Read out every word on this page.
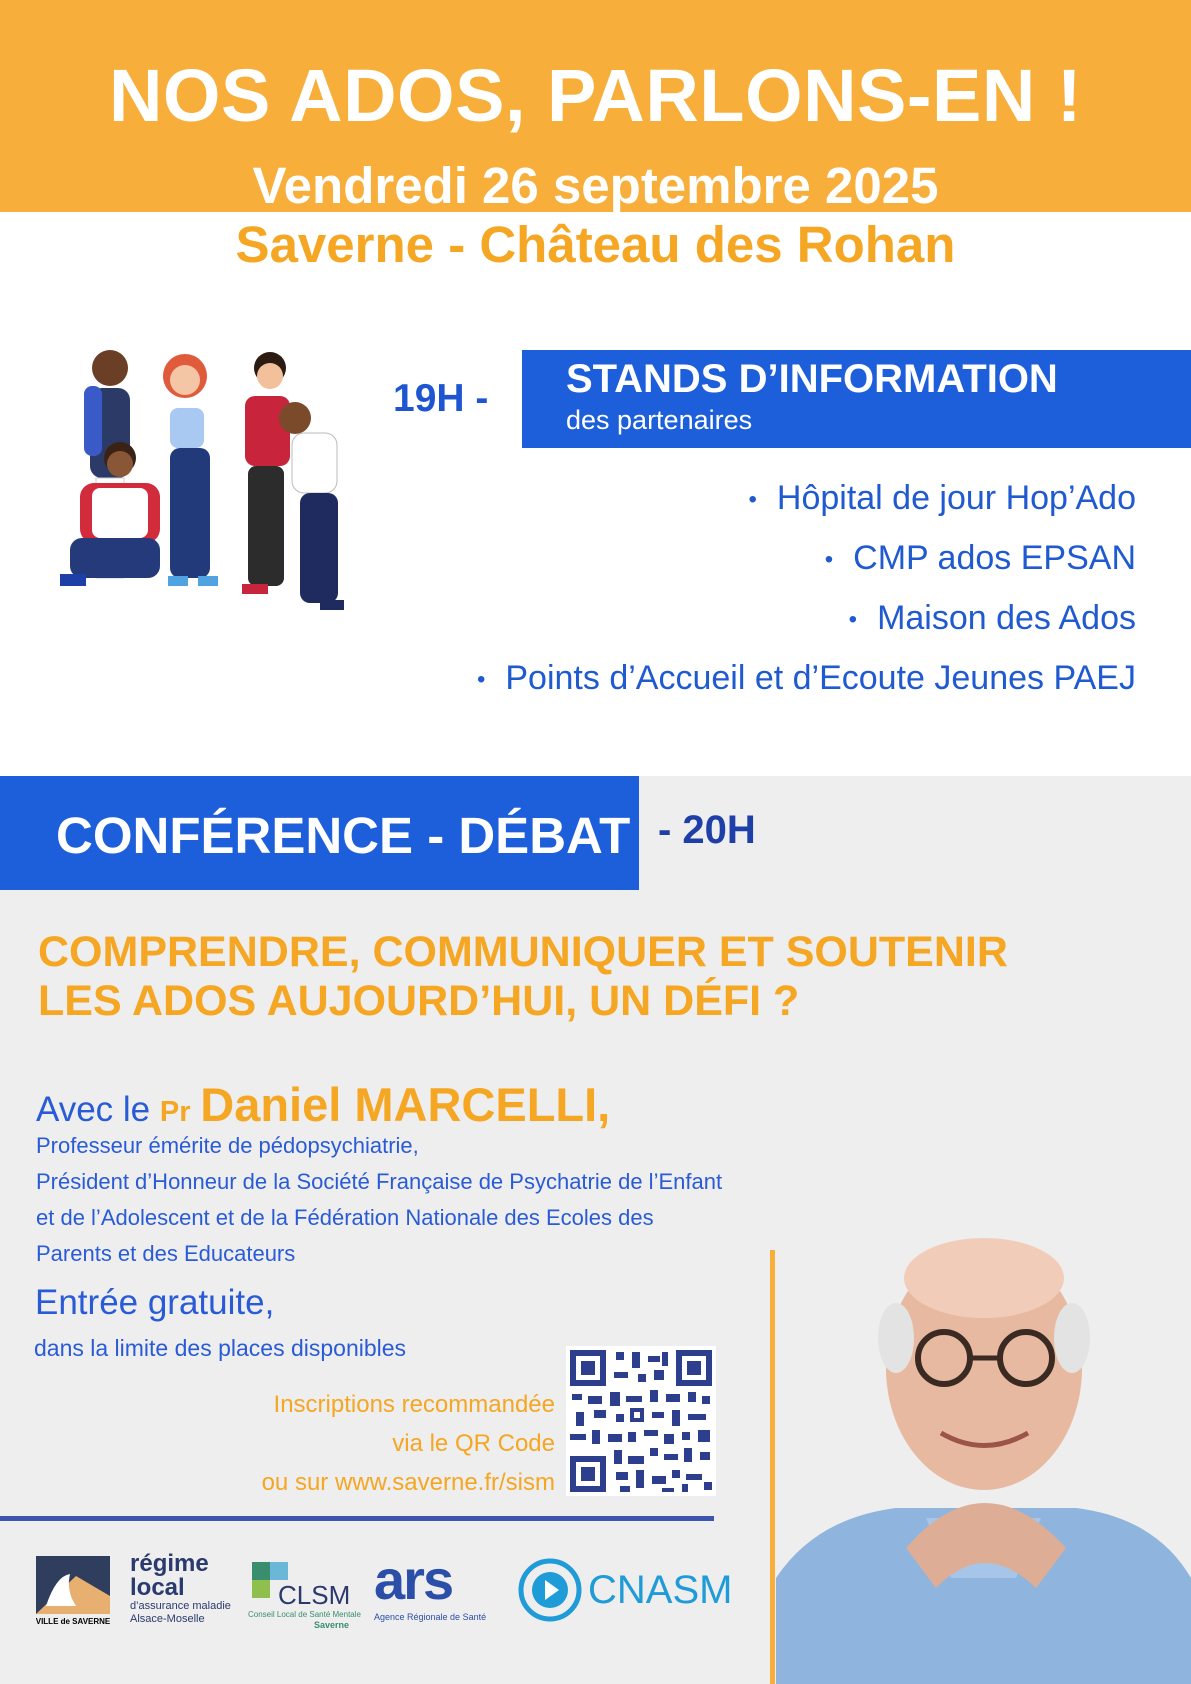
NOS ADOS, PARLONS-EN !
Vendredi 26 septembre 2025
Saverne - Château des Rohan
19H - STANDS D’INFORMATION
des partenaires
• Hôpital de jour Hop’Ado
• CMP ados EPSAN
• Maison des Ados
• Points d’Accueil et d’Ecoute Jeunes PAEJ
CONFÉRENCE - DÉBAT - 20H
COMPRENDRE, COMMUNIQUER ET SOUTENIR
LES ADOS AUJOURD’HUI, UN DÉFI ?
Avec le Pr Daniel MARCELLI,
Professeur émérite de pédopsychiatrie,
Président d’Honneur de la Société Française de Psychatrie de l’Enfant
et de l’Adolescent et de la Fédération Nationale des Ecoles des
Parents et des Educateurs
Entrée gratuite,
dans la limite des places disponibles
Inscriptions recommandée
via le QR Code
ou sur www.saverne.fr/sism
VILLE de SAVERNE
régime
local
d’assurance maladie
Alsace-Moselle
CLSM
Conseil Local de Santé Mentale
Saverne
ars
Agence Régionale de Santé
CNASM
